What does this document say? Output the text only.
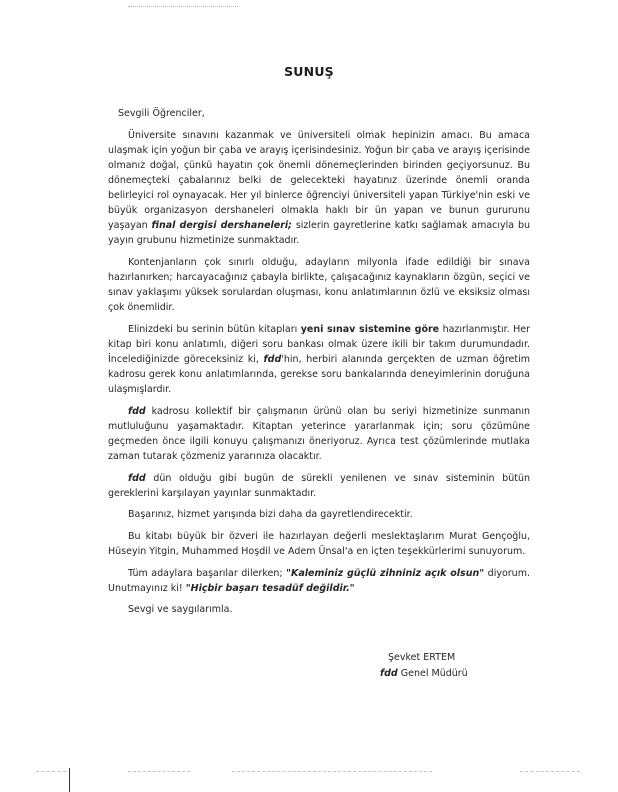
SUNUŞ

Sevgili Öğrenciler,

Üniversite sınavını kazanmak ve üniversiteli olmak hepinizin amacı. Bu amaca ulaşmak için yoğun bir çaba ve arayış içerisindesiniz. Yoğun bir çaba ve arayış içerisinde olmanız doğal, çünkü hayatın çok önemli dönemeçlerinden birinden geçiyorsunuz. Bu dönemeçteki çabalarınız belki de gelecekteki hayatınız üzerinde önemli oranda belirleyici rol oynayacak. Her yıl binlerce öğrenciyi üniversiteli yapan Türkiye'nin eski ve büyük organizasyon dershaneleri olmakla haklı bir ün yapan ve bunun gururunu yaşayan final dergisi dershaneleri; sizlerin gayretlerine katkı sağlamak amacıyla bu yayın grubunu hizmetinize sunmaktadır.

Kontenjanların çok sınırlı olduğu, adayların milyonla ifade edildiği bir sınava hazırlanırken; harcayacağınız çabayla birlikte, çalışacağınız kaynakların özgün, seçici ve sınav yaklaşımı yüksek sorulardan oluşması, konu anlatımlarının özlü ve eksiksiz olması çok önemlidir.

Elinizdeki bu serinin bütün kitapları yeni sınav sistemine göre hazırlanmıştır. Her kitap biri konu anlatımlı, diğeri soru bankası olmak üzere ikili bir takım durumundadır. İncelediğinizde göreceksiniz ki, fdd'hin, herbiri alanında gerçekten de uzman öğretim kadrosu gerek konu anlatımlarında, gerekse soru bankalarında deneyimlerinin doruğuna ulaşmışlardır.

fdd kadrosu kollektif bir çalışmanın ürünü olan bu seriyi hizmetinize sunmanın mutluluğunu yaşamaktadır. Kitaptan yeterince yararlanmak için; soru çözümüne geçmeden önce ilgili konuyu çalışmanızı öneriyoruz. Ayrıca test çözümlerinde mutlaka zaman tutarak çözmeniz yararınıza olacaktır.

fdd dün olduğu gibi bugün de sürekli yenilenen ve sınav sisteminin bütün gereklerini karşılayan yayınlar sunmaktadır.

Başarınız, hizmet yarışında bizi daha da gayretlendirecektir.

Bu kitabı büyük bir özveri ile hazırlayan değerli meslektaşlarım Murat Gençoğlu, Hüseyin Yitgin, Muhammed Hoşdil ve Adem Ünsal'a en içten teşekkürlerimi sunuyorum.

Tüm adaylara başarılar dilerken; "Kaleminiz güçlü zihniniz açık olsun" diyorum. Unutmayınız ki! "Hiçbir başarı tesadüf değildir."

Sevgi ve saygılarımla.

Şevket ERTEM
fdd Genel Müdürü
